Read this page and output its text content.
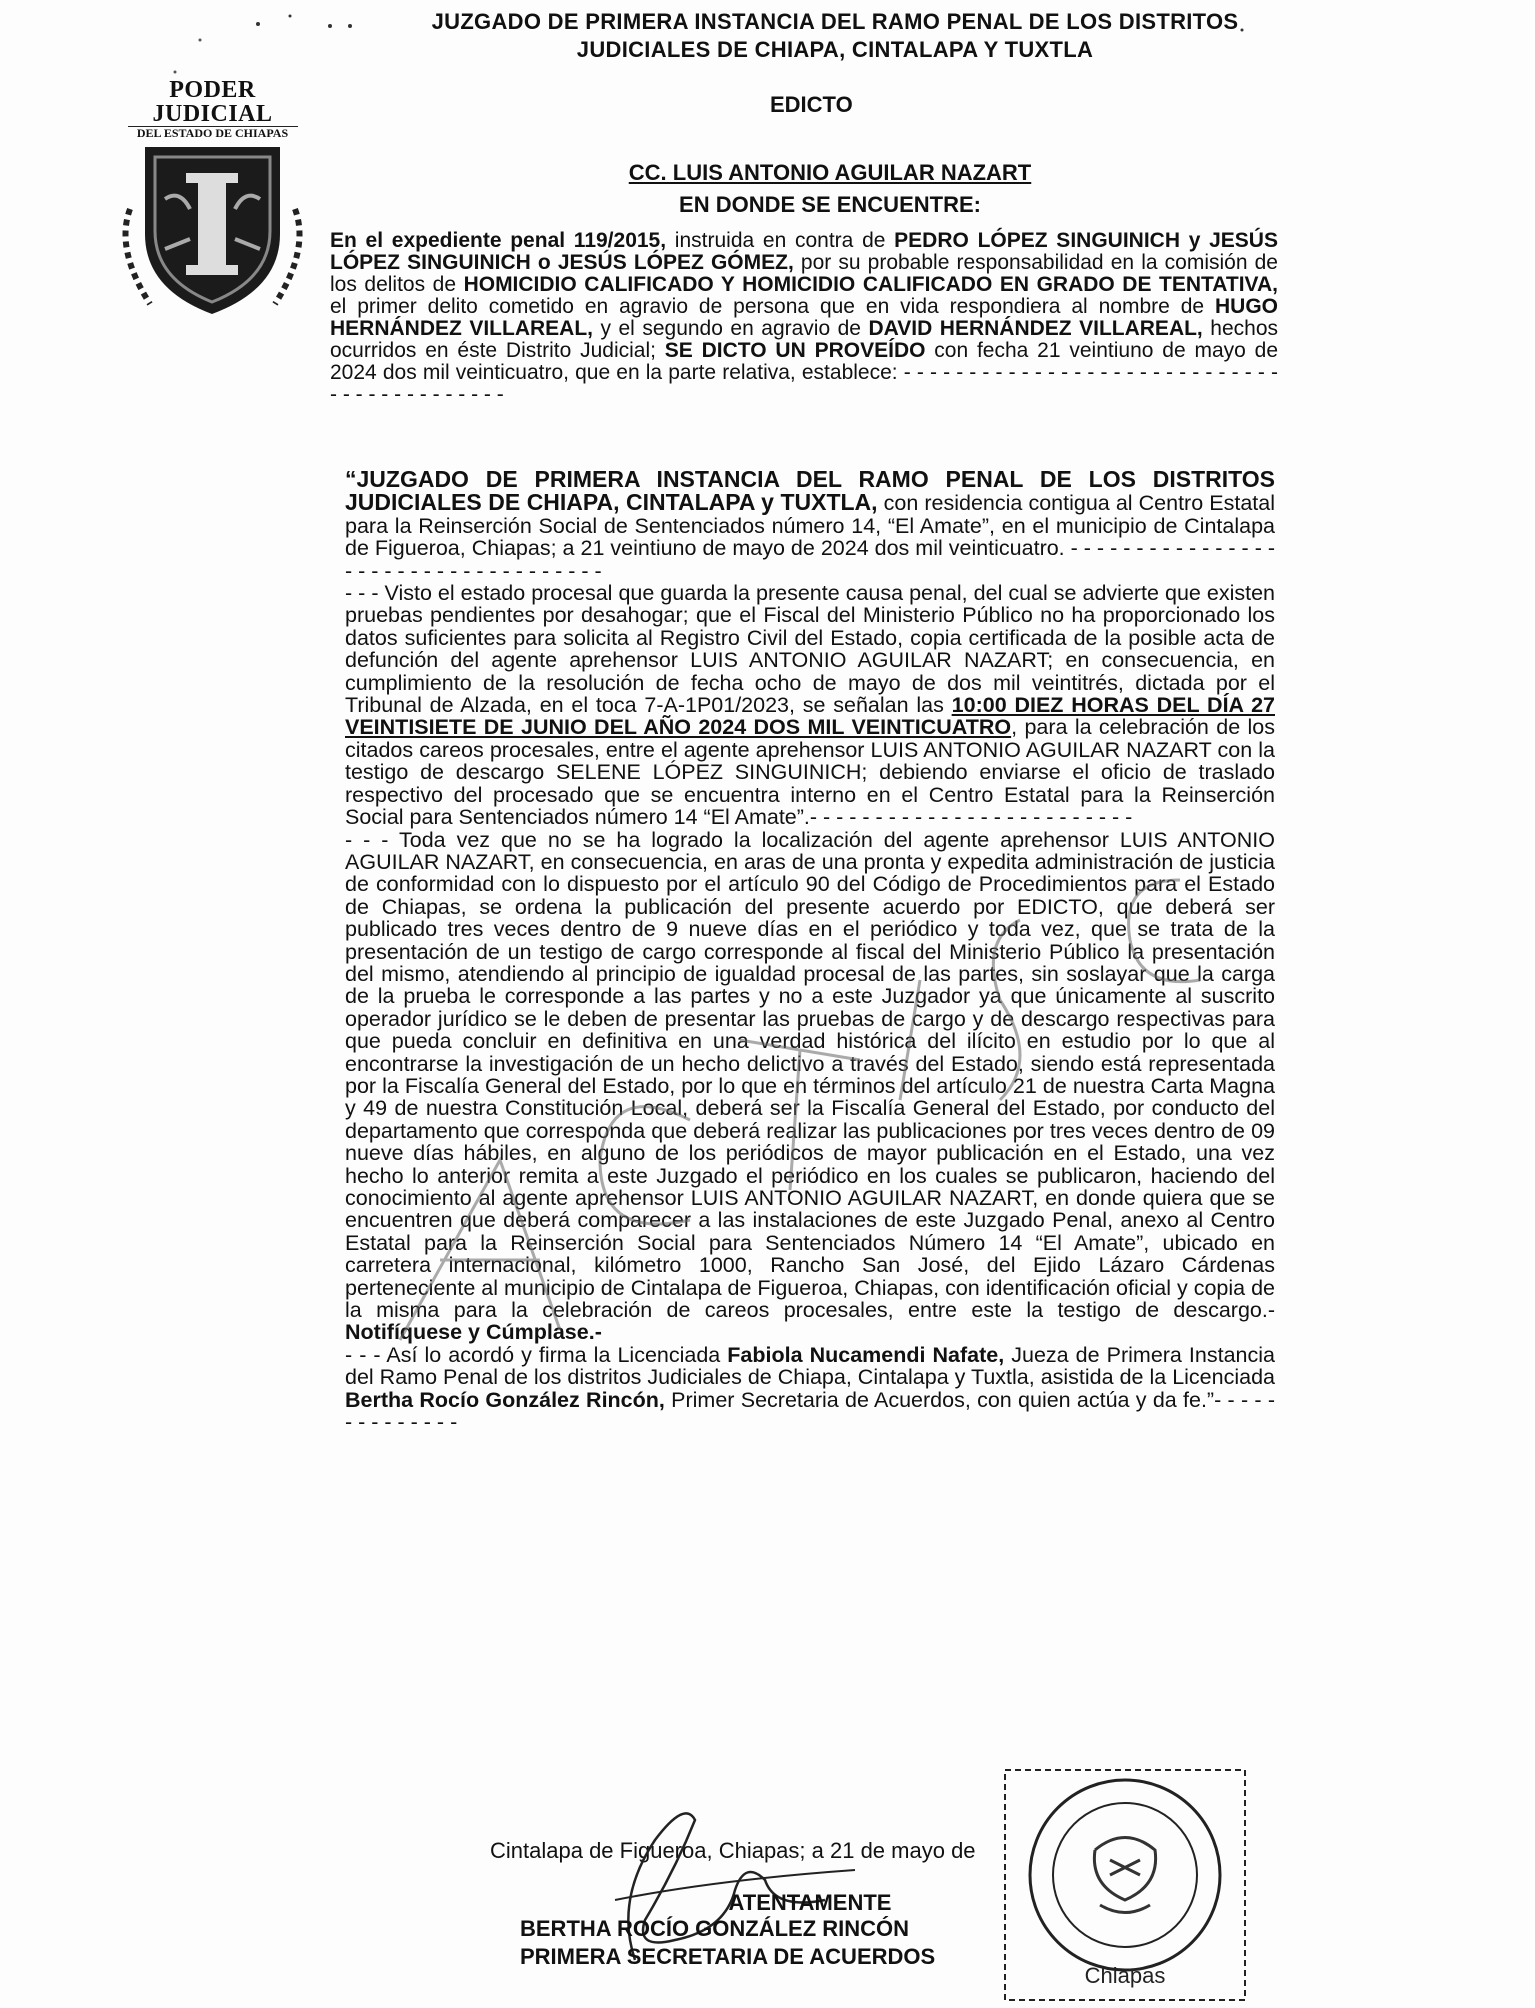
JUZGADO DE PRIMERA INSTANCIA DEL RAMO PENAL DE LOS DISTRITOS
JUDICIALES DE CHIAPA, CINTALAPA Y TUXTLA
PODER JUDICIAL
DEL ESTADO DE CHIAPAS
EDICTO
CC. LUIS ANTONIO AGUILAR NAZART
EN DONDE SE ENCUENTRE:
En el expediente penal 119/2015, instruida en contra de PEDRO LÓPEZ SINGUINICH y JESÚS LÓPEZ SINGUINICH o JESÚS LÓPEZ GÓMEZ, por su probable responsabilidad en la comisión de los delitos de HOMICIDIO CALIFICADO Y HOMICIDIO CALIFICADO EN GRADO DE TENTATIVA, el primer delito cometido en agravio de persona que en vida respondiera al nombre de HUGO HERNÁNDEZ VILLAREAL, y el segundo en agravio de DAVID HERNÁNDEZ VILLAREAL, hechos ocurridos en éste Distrito Judicial; SE DICTO UN PROVEÍDO con fecha 21 veintiuno de mayo de 2024 dos mil veinticuatro, que en la parte relativa, establece: - - - - - - - - - - - - - - - - - - - - - - - - - - - - - - - - - - - - - - - - - - -

“JUZGADO DE PRIMERA INSTANCIA DEL RAMO PENAL DE LOS DISTRITOS JUDICIALES DE CHIAPA, CINTALAPA y TUXTLA, con residencia contigua al Centro Estatal para la Reinserción Social de Sentenciados número 14, “El Amate”, en el municipio de Cintalapa de Figueroa, Chiapas; a 21 veintiuno de mayo de 2024 dos mil veinticuatro. - - - - - - - - - - - - - - - - - - - - - - - - - - - - - - - - - - - -

- - - Visto el estado procesal que guarda la presente causa penal, del cual se advierte que existen pruebas pendientes por desahogar; que el Fiscal del Ministerio Público no ha proporcionado los datos suficientes para solicita al Registro Civil del Estado, copia certificada de la posible acta de defunción del agente aprehensor LUIS ANTONIO AGUILAR NAZART; en consecuencia, en cumplimiento de la resolución de fecha ocho de mayo de dos mil veintitrés, dictada por el Tribunal de Alzada, en el toca 7-A-1P01/2023, se señalan las 10:00 DIEZ HORAS DEL DÍA 27 VEINTISIETE DE JUNIO DEL AÑO 2024 DOS MIL VEINTICUATRO, para la celebración de los citados careos procesales, entre el agente aprehensor LUIS ANTONIO AGUILAR NAZART con la testigo de descargo SELENE LÓPEZ SINGUINICH; debiendo enviarse el oficio de traslado respectivo del procesado que se encuentra interno en el Centro Estatal para la Reinserción Social para Sentenciados número 14 “El Amate”.- - - - - - - - - - - - - - - - - - - - - - - - -

- - - Toda vez que no se ha logrado la localización del agente aprehensor LUIS ANTONIO AGUILAR NAZART, en consecuencia, en aras de una pronta y expedita administración de justicia de conformidad con lo dispuesto por el artículo 90 del Código de Procedimientos para el Estado de Chiapas, se ordena la publicación del presente acuerdo por EDICTO, que deberá ser publicado tres veces dentro de 9 nueve días en el periódico y toda vez, que se trata de la presentación de un testigo de cargo corresponde al fiscal del Ministerio Público la presentación del mismo, atendiendo al principio de igualdad procesal de las partes, sin soslayar que la carga de la prueba le corresponde a las partes y no a este Juzgador ya que únicamente al suscrito operador jurídico se le deben de presentar las pruebas de cargo y de descargo respectivas para que pueda concluir en definitiva en una verdad histórica del ilícito en estudio por lo que al encontrarse la investigación de un hecho delictivo a través del Estado, siendo está representada por la Fiscalía General del Estado, por lo que en términos del artículo 21 de nuestra Carta Magna y 49 de nuestra Constitución Local, deberá ser la Fiscalía General del Estado, por conducto del departamento que corresponda que deberá realizar las publicaciones por tres veces dentro de 09 nueve días hábiles, en alguno de los periódicos de mayor publicación en el Estado, una vez hecho lo anterior remita a este Juzgado el periódico en los cuales se publicaron, haciendo del conocimiento al agente aprehensor LUIS ANTONIO AGUILAR NAZART, en donde quiera que se encuentren que deberá comparecer a las instalaciones de este Juzgado Penal, anexo al Centro Estatal para la Reinserción Social para Sentenciados Número 14 “El Amate”, ubicado en carretera internacional, kilómetro 1000, Rancho San José, del Ejido Lázaro Cárdenas perteneciente al municipio de Cintalapa de Figueroa, Chiapas, con identificación oficial y copia de la misma para la celebración de careos procesales, entre este la testigo de descargo.- Notifíquese y Cúmplase.-

- - - Así lo acordó y firma la Licenciada Fabiola Nucamendi Nafate, Jueza de Primera Instancia del Ramo Penal de los distritos Judiciales de Chiapa, Cintalapa y Tuxtla, asistida de la Licenciada Bertha Rocío González Rincón, Primer Secretaria de Acuerdos, con quien actúa y da fe.”- - - - - - - - - - - - - -

Cintalapa de Figueroa, Chiapas; a 21 de mayo de
ATENTAMENTE
BERTHA ROCÍO GONZÁLEZ RINCÓN
PRIMERA SECRETARIA DE ACUERDOS
Chiapas
